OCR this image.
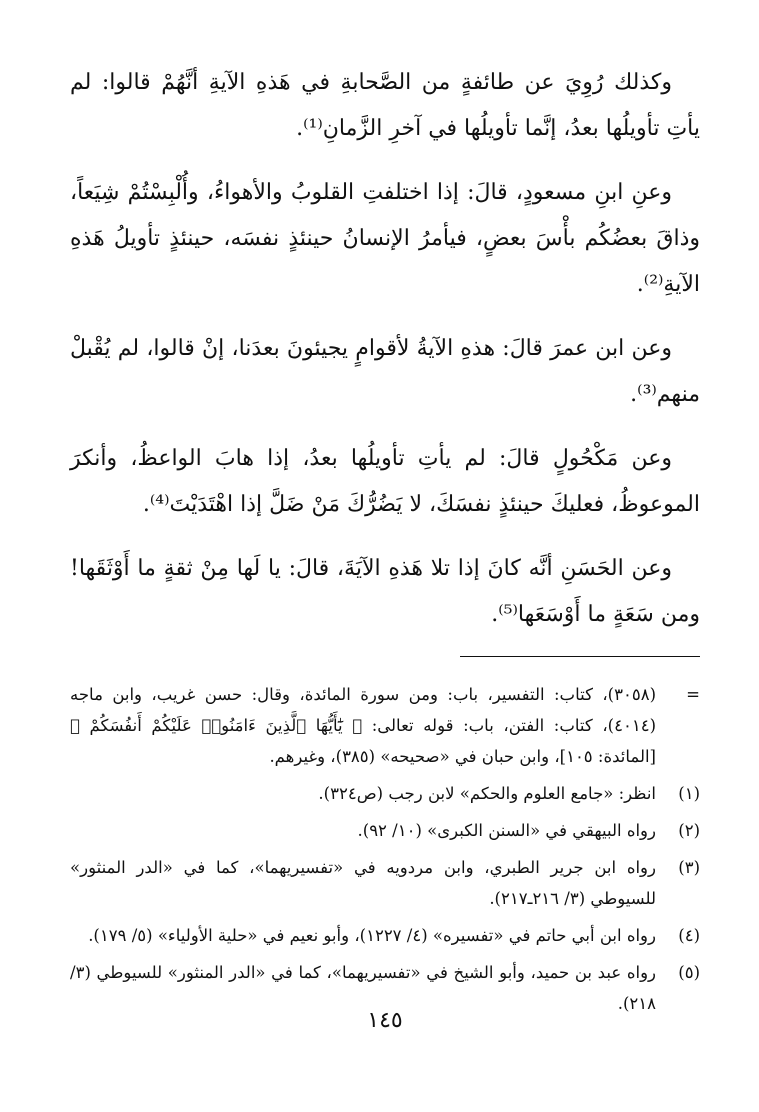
وكذلك رُوِيَ عن طائفةٍ من الصَّحابةِ في هَذهِ الآيةِ أنَّهُمْ قالوا: لم يأتِ تأويلُها بعدُ، إنَّما تأويلُها في آخرِ الزَّمانِ⁽¹⁾.

وعنِ ابنِ مسعودٍ، قالَ: إذا اختلفتِ القلوبُ والأهواءُ، وأُلْبِسْتُمْ شِيَعاً، وذاقَ بعضُكُم بأْسَ بعضٍ، فيأمرُ الإنسانُ حينئذٍ نفسَه، حينئذٍ تأويلُ هَذهِ الآيةِ⁽²⁾.

وعن ابن عمرَ قالَ: هذهِ الآيةُ لأقوامٍ يجيئونَ بعدَنا، إنْ قالوا، لم يُقْبلْ منهم⁽³⁾.

وعن مَكْحُولٍ قالَ: لم يأتِ تأويلُها بعدُ، إذا هابَ الواعظُ، وأنكرَ الموعوظُ، فعليكَ حينئذٍ نفسَكَ، لا يَضُرُّكَ مَنْ ضَلَّ إذا اهْتَدَيْتَ⁽⁴⁾.

وعن الحَسَنِ أنَّه كانَ إذا تلا هَذهِ الآيَةَ، قالَ: يا لَها مِنْ ثقةٍ ما أَوْثَقَها! ومن سَعَةٍ ما أَوْسَعَها⁽⁵⁾.

=
(٣٠٥٨)، كتاب: التفسير، باب: ومن سورة المائدة، وقال: حسن غريب، وابن ماجه (٤٠١٤)، كتاب: الفتن، باب: قوله تعالى: ﴿ يَٰٓأَيُّهَا ٱلَّذِينَ ءَامَنُوا۟ عَلَيْكُمْ أَنفُسَكُمْ ﴾ [المائدة: ١٠٥]، وابن حبان في «صحيحه» (٣٨٥)، وغيرهم.
(١)
انظر: «جامع العلوم والحكم» لابن رجب (ص٣٢٤).
(٢)
رواه البيهقي في «السنن الكبرى» (١٠/ ٩٢).
(٣)
رواه ابن جرير الطبري، وابن مردويه في «تفسيريهما»، كما في «الدر المنثور» للسيوطي (٣/ ٢١٦ـ٢١٧).
(٤)
رواه ابن أبي حاتم في «تفسيره» (٤/ ١٢٢٧)، وأبو نعيم في «حلية الأولياء» (٥/ ١٧٩).
(٥)
رواه عبد بن حميد، وأبو الشيخ في «تفسيريهما»، كما في «الدر المنثور» للسيوطي (٣/ ٢١٨).
١٤٥
